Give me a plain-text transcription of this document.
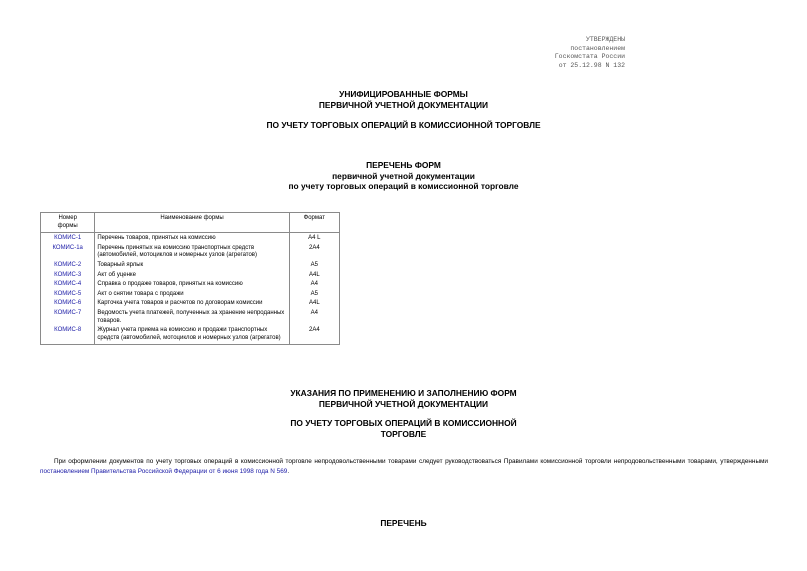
УТВЕРЖДЕНЫ
постановлением
Госкомстата России
от 25.12.98 N 132
УНИФИЦИРОВАННЫЕ ФОРМЫ
ПЕРВИЧНОЙ УЧЕТНОЙ ДОКУМЕНТАЦИИ
ПО УЧЕТУ ТОРГОВЫХ ОПЕРАЦИЙ В КОМИССИОННОЙ ТОРГОВЛЕ
ПЕРЕЧЕНЬ ФОРМ
первичной учетной документации
по учету торговых операций в комиссионной торговле
Номер
формы	Наименование формы	Формат
КОМИС-1	Перечень товаров, принятых на комиссию	А4 L
КОМИС-1а	Перечень принятых на комиссию транспортных средств (автомобилей, мотоциклов и номерных узлов (агрегатов)	2А4
КОМИС-2	Товарный ярлык	А5
КОМИС-3	Акт об уценке	А4L
КОМИС-4	Справка о продаже товаров, принятых на комиссию	А4
КОМИС-5	Акт о снятии товара с продажи	А5
КОМИС-6	Карточка учета товаров и расчетов по договорам комиссии	А4L
КОМИС-7	Ведомость учета платежей, полученных за хранение непроданных товаров.	А4
КОМИС-8	Журнал учета приема на комиссию и продажи транспортных средств (автомобилей, мотоциклов и номерных узлов (агрегатов)	2А4
УКАЗАНИЯ ПО ПРИМЕНЕНИЮ И ЗАПОЛНЕНИЮ ФОРМ
ПЕРВИЧНОЙ УЧЕТНОЙ ДОКУМЕНТАЦИИ
ПО УЧЕТУ ТОРГОВЫХ ОПЕРАЦИЙ В КОМИССИОННОЙ
ТОРГОВЛЕ
При оформлении документов по учету торговых операций в комиссионной торговле непродовольственными товарами следует руководствоваться Правилами комиссионной торговли непродовольственными товарами, утвержденными постановлением Правительства Российской Федерации от 6 июня 1998 года N 569.
ПЕРЕЧЕНЬ
